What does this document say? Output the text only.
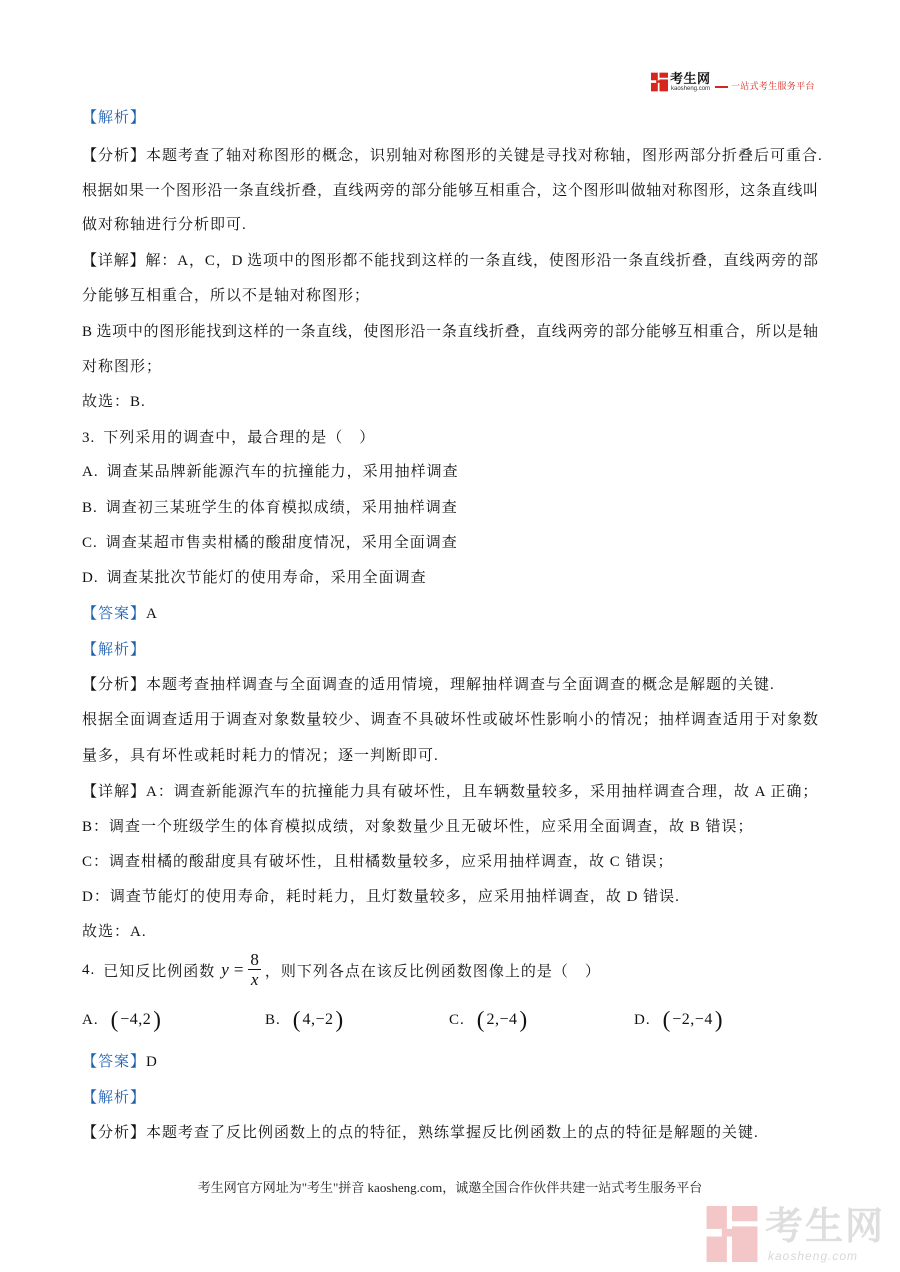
考生网
kaosheng.com 一站式考生服务平台
【解析】
【分析】本题考查了轴对称图形的概念，识别轴对称图形的关键是寻找对称轴，图形两部分折叠后可重合.
根据如果一个图形沿一条直线折叠，直线两旁的部分能够互相重合，这个图形叫做轴对称图形，这条直线叫
做对称轴进行分析即可.
【详解】解：A，C，D 选项中的图形都不能找到这样的一条直线，使图形沿一条直线折叠，直线两旁的部
分能够互相重合，所以不是轴对称图形；
B 选项中的图形能找到这样的一条直线，使图形沿一条直线折叠，直线两旁的部分能够互相重合，所以是轴
对称图形；
故选：B.
3. 下列采用的调查中，最合理的是（　）
A. 调查某品牌新能源汽车的抗撞能力，采用抽样调查
B. 调查初三某班学生的体育模拟成绩，采用抽样调查
C. 调查某超市售卖柑橘的酸甜度情况，采用全面调查
D. 调查某批次节能灯的使用寿命，采用全面调查
【答案】A
【解析】
【分析】本题考查抽样调查与全面调查的适用情境，理解抽样调查与全面调查的概念是解题的关键.
根据全面调查适用于调查对象数量较少、调查不具破坏性或破坏性影响小的情况；抽样调查适用于对象数
量多，具有坏性或耗时耗力的情况；逐一判断即可.
【详解】A：调查新能源汽车的抗撞能力具有破坏性，且车辆数量较多，采用抽样调查合理，故 A 正确；
B：调查一个班级学生的体育模拟成绩，对象数量少且无破坏性，应采用全面调查，故 B 错误；
C：调查柑橘的酸甜度具有破坏性，且柑橘数量较多，应采用抽样调查，故 C 错误；
D：调查节能灯的使用寿命，耗时耗力，且灯数量较多，应采用抽样调查，故 D 错误.
故选：A.
4. 已知反比例函数 $y = \frac{8}{x}$ ，则下列各点在该反比例函数图像上的是（　）
A. ( −4,2 )	B. ( 4,−2 )	C. ( 2,−4 )	D. ( −2,−4 )
【答案】D
【解析】
【分析】本题考查了反比例函数上的点的特征，熟练掌握反比例函数上的点的特征是解题的关键.
考生网官方网址为"考生"拼音 kaosheng.com，诚邀全国合作伙伴共建一站式考生服务平台
考生网
kaosheng.com
